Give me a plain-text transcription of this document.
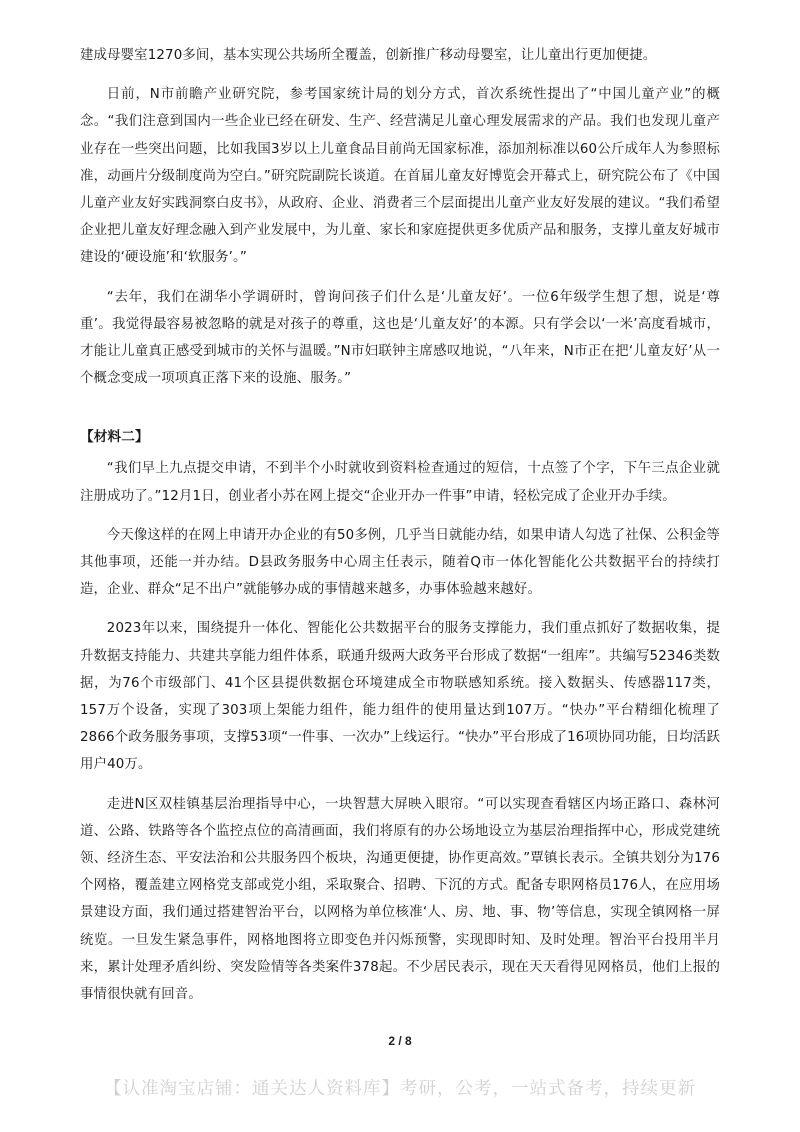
建成母婴室1270多间，基本实现公共场所全覆盖，创新推广移动母婴室，让儿童出行更加便捷。

日前，N市前瞻产业研究院，参考国家统计局的划分方式，首次系统性提出了“中国儿童产业”的概念。“我们注意到国内一些企业已经在研发、生产、经营满足儿童心理发展需求的产品。我们也发现儿童产业存在一些突出问题，比如我国3岁以上儿童食品目前尚无国家标准，添加剂标准以60公斤成年人为参照标准，动画片分级制度尚为空白。”研究院副院长谈道。在首届儿童友好博览会开幕式上，研究院公布了《中国儿童产业友好实践洞察白皮书》，从政府、企业、消费者三个层面提出儿童产业友好发展的建议。“我们希望企业把儿童友好理念融入到产业发展中，为儿童、家长和家庭提供更多优质产品和服务，支撑儿童友好城市建设的‘硬设施’和‘软服务’。”

“去年，我们在湖华小学调研时，曾询问孩子们什么是‘儿童友好’。一位6年级学生想了想，说是‘尊重’。我觉得最容易被忽略的就是对孩子的尊重，这也是‘儿童友好’的本源。只有学会以‘一米’高度看城市，才能让儿童真正感受到城市的关怀与温暖。”N市妇联钟主席感叹地说，“八年来，N市正在把‘儿童友好’从一个概念变成一项项真正落下来的设施、服务。”

【材料二】

“我们早上九点提交申请，不到半个小时就收到资料检查通过的短信，十点签了个字，下午三点企业就注册成功了。”12月1日，创业者小苏在网上提交“企业开办一件事”申请，轻松完成了企业开办手续。

今天像这样的在网上申请开办企业的有50多例，几乎当日就能办结，如果申请人勾选了社保、公积金等其他事项，还能一并办结。D县政务服务中心周主任表示，随着Q市一体化智能化公共数据平台的持续打造，企业、群众“足不出户”就能够办成的事情越来越多，办事体验越来越好。

2023年以来，围绕提升一体化、智能化公共数据平台的服务支撑能力，我们重点抓好了数据收集，提升数据支持能力、共建共享能力组件体系，联通升级两大政务平台形成了数据“一组库”。共编写52346类数据，为76个市级部门、41个区县提供数据仓环境建成全市物联感知系统。接入数据头、传感器117类，157万个设备，实现了303项上架能力组件，能力组件的使用量达到107万。“快办”平台精细化梳理了2866个政务服务事项，支撑53项“一件事、一次办”上线运行。“快办”平台形成了16项协同功能，日均活跃用户40万。

走进N区双桂镇基层治理指导中心，一块智慧大屏映入眼帘。“可以实现查看辖区内场正路口、森林河道、公路、铁路等各个监控点位的高清画面，我们将原有的办公场地设立为基层治理指挥中心，形成党建统领、经济生态、平安法治和公共服务四个板块，沟通更便捷，协作更高效。”覃镇长表示。全镇共划分为176个网格，覆盖建立网格党支部或党小组，采取聚合、招聘、下沉的方式。配备专职网格员176人，在应用场景建设方面，我们通过搭建智治平台，以网格为单位核准‘人、房、地、事、物’等信息，实现全镇网格一屏统览。一旦发生紧急事件，网格地图将立即变色并闪烁预警，实现即时知、及时处理。智治平台投用半月来，累计处理矛盾纠纷、突发险情等各类案件378起。不少居民表示，现在天天看得见网格员，他们上报的事情很快就有回音。

2 / 8
【认准淘宝店铺：通关达人资料库】考研，公考，一站式备考，持续更新
